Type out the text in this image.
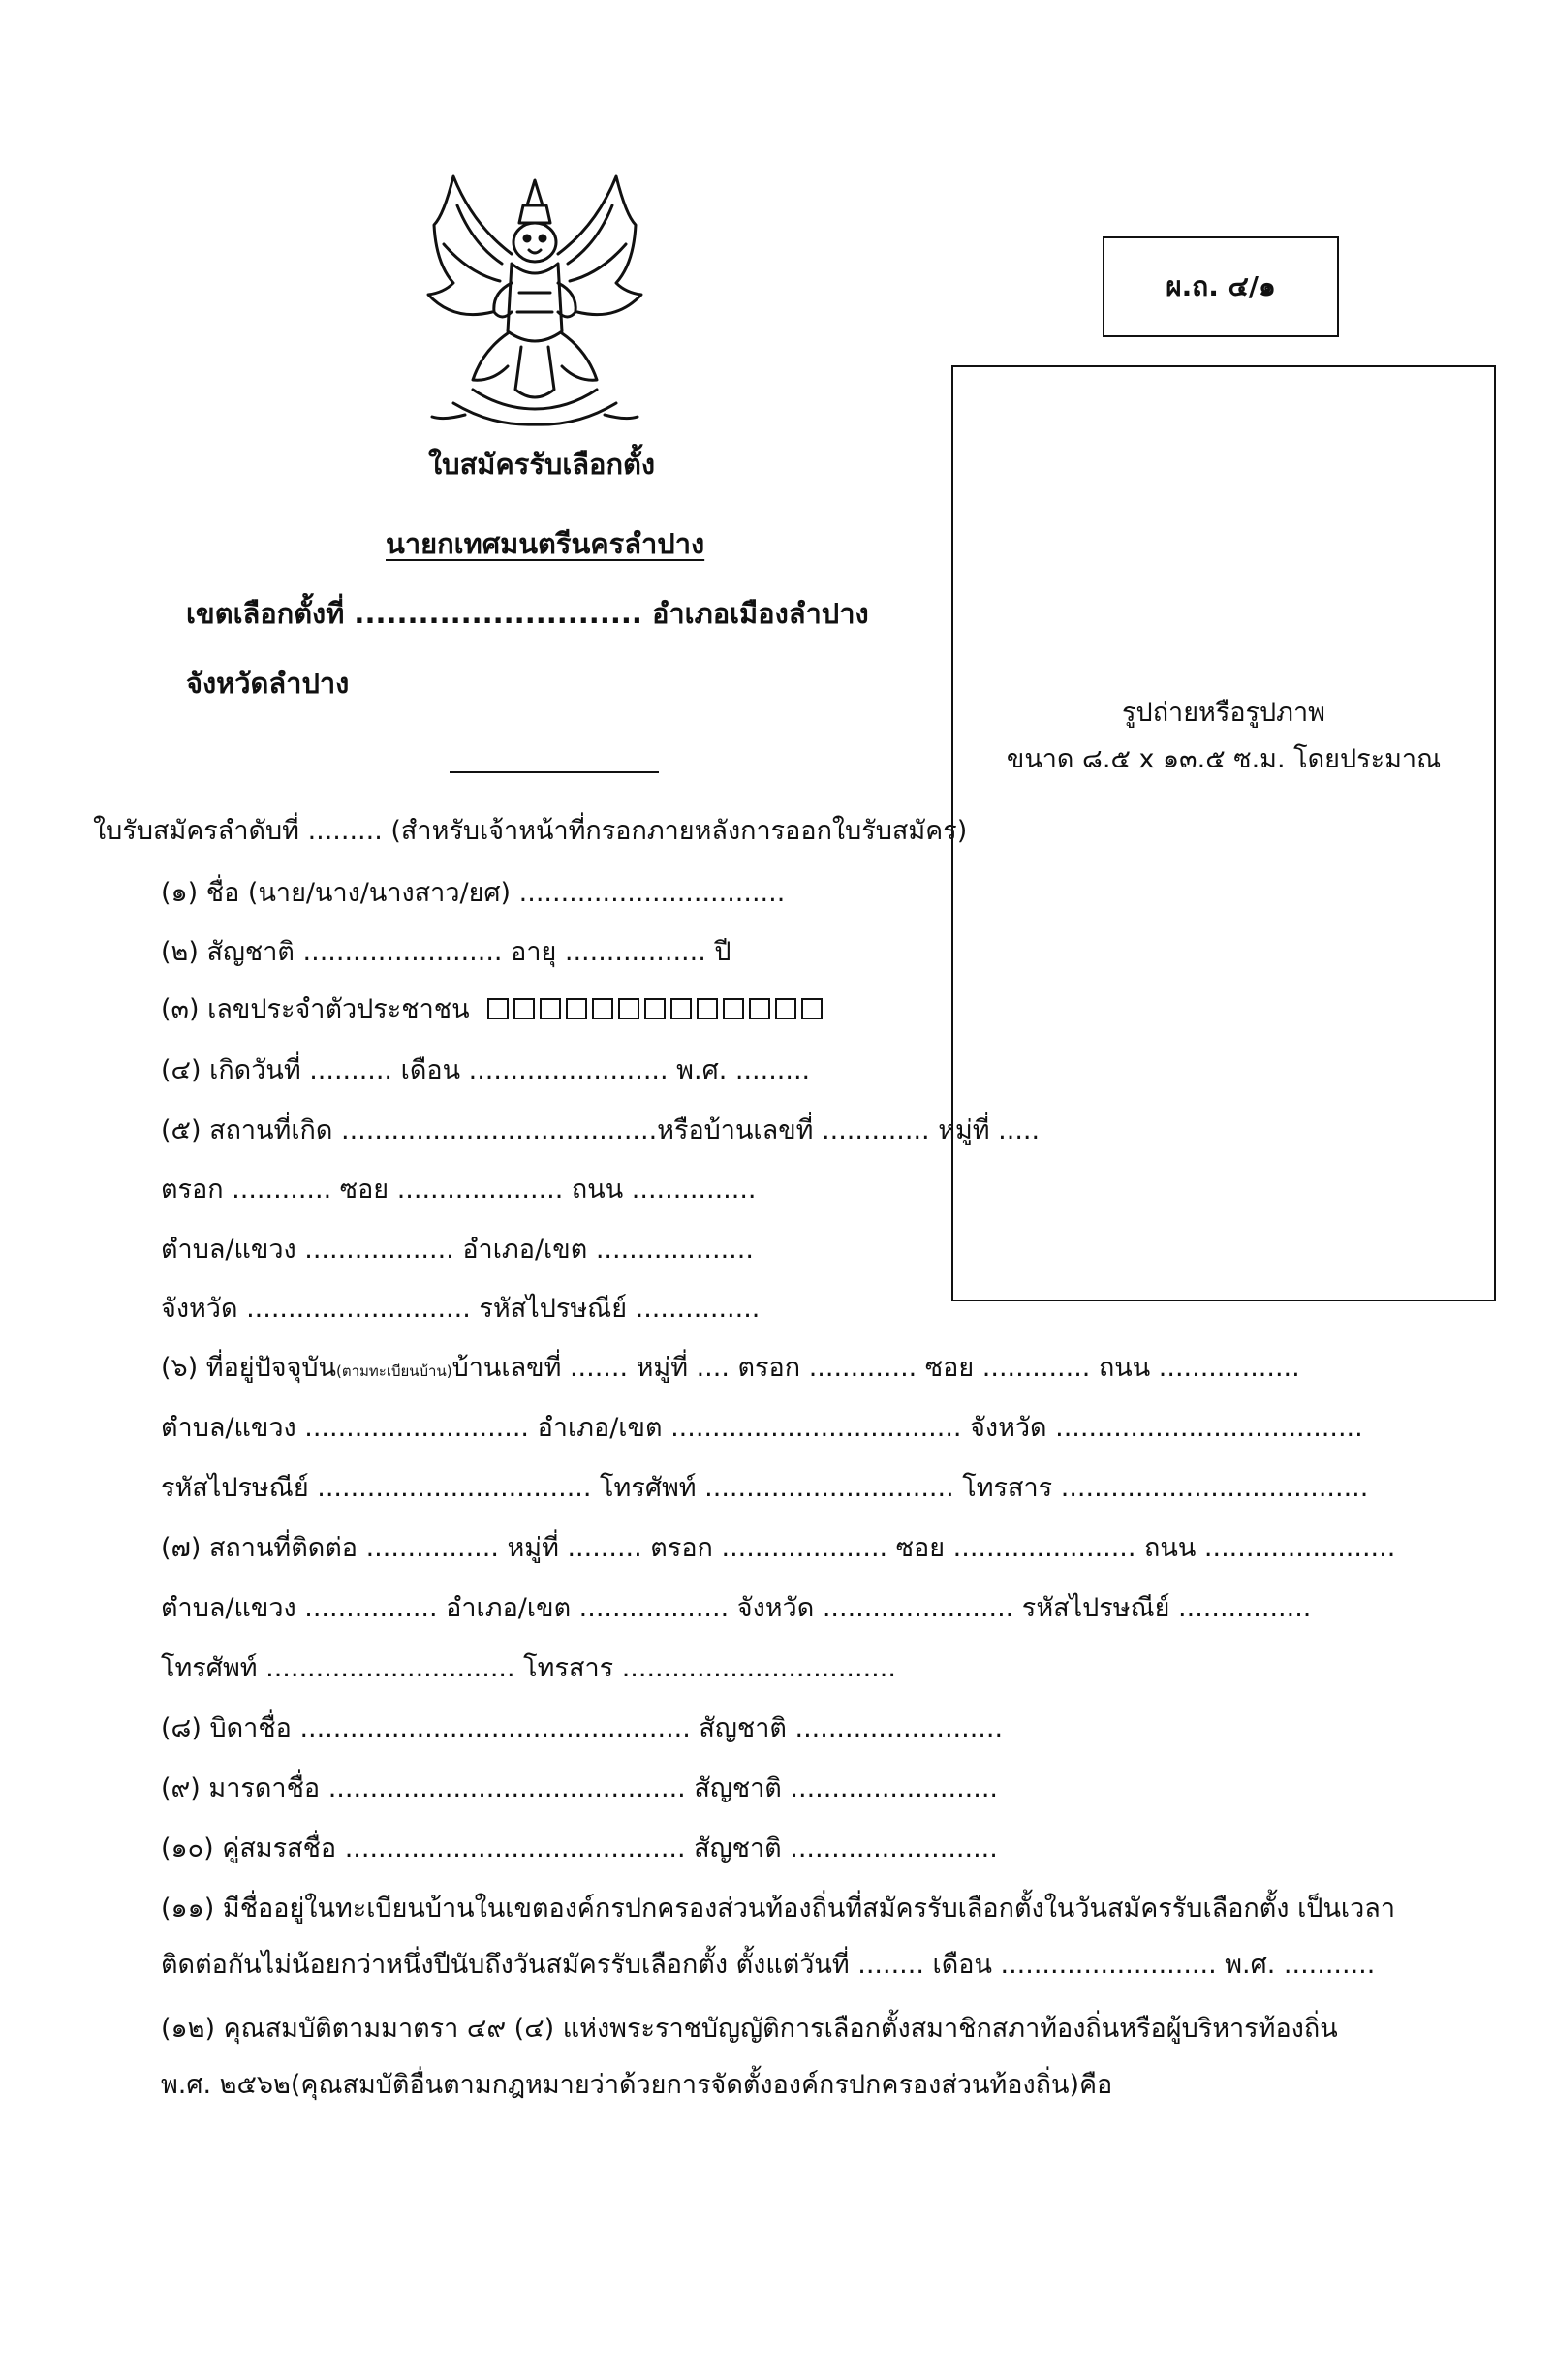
ผ.ถ. ๔/๑
รูปถ่ายหรือรูปภาพ
ขนาด ๘.๕ x ๑๓.๕ ซ.ม. โดยประมาณ
ใบสมัครรับเลือกตั้ง
นายกเทศมนตรีนครลำปาง
เขตเลือกตั้งที่ ........................... อำเภอเมืองลำปาง
จังหวัดลำปาง
ใบรับสมัครลำดับที่ ......... (สำหรับเจ้าหน้าที่กรอกภายหลังการออกใบรับสมัคร)
(๑) ชื่อ (นาย/นาง/นางสาว/ยศ) ................................
(๒) สัญชาติ ........................ อายุ ................. ปี
(๓) เลขประจำตัวประชาชน
(๔) เกิดวันที่ .......... เดือน ........................ พ.ศ. .........
(๕) สถานที่เกิด ......................................หรือบ้านเลขที่ ............. หมู่ที่ .....
ตรอก ............ ซอย .................... ถนน ...............
ตำบล/แขวง .................. อำเภอ/เขต ...................
จังหวัด ........................... รหัสไปรษณีย์ ...............
(๖) ที่อยู่ปัจจุบัน(ตามทะเบียนบ้าน)บ้านเลขที่ ....... หมู่ที่ .... ตรอก ............. ซอย ............. ถนน .................
ตำบล/แขวง ........................... อำเภอ/เขต ................................... จังหวัด .....................................
รหัสไปรษณีย์ ................................. โทรศัพท์ .............................. โทรสาร .....................................
(๗) สถานที่ติดต่อ ................ หมู่ที่ ......... ตรอก .................... ซอย ...................... ถนน .......................
ตำบล/แขวง ................ อำเภอ/เขต .................. จังหวัด ....................... รหัสไปรษณีย์ ................
โทรศัพท์ .............................. โทรสาร .................................
(๘) บิดาชื่อ ............................................... สัญชาติ .........................
(๙) มารดาชื่อ ........................................... สัญชาติ .........................
(๑๐) คู่สมรสชื่อ ......................................... สัญชาติ .........................
(๑๑) มีชื่ออยู่ในทะเบียนบ้านในเขตองค์กรปกครองส่วนท้องถิ่นที่สมัครรับเลือกตั้งในวันสมัครรับเลือกตั้ง เป็นเวลา
ติดต่อกันไม่น้อยกว่าหนึ่งปีนับถึงวันสมัครรับเลือกตั้ง ตั้งแต่วันที่ ........ เดือน .......................... พ.ศ. ...........
(๑๒) คุณสมบัติตามมาตรา ๔๙ (๔) แห่งพระราชบัญญัติการเลือกตั้งสมาชิกสภาท้องถิ่นหรือผู้บริหารท้องถิ่น
พ.ศ. ๒๕๖๒(คุณสมบัติอื่นตามกฎหมายว่าด้วยการจัดตั้งองค์กรปกครองส่วนท้องถิ่น)คือ
